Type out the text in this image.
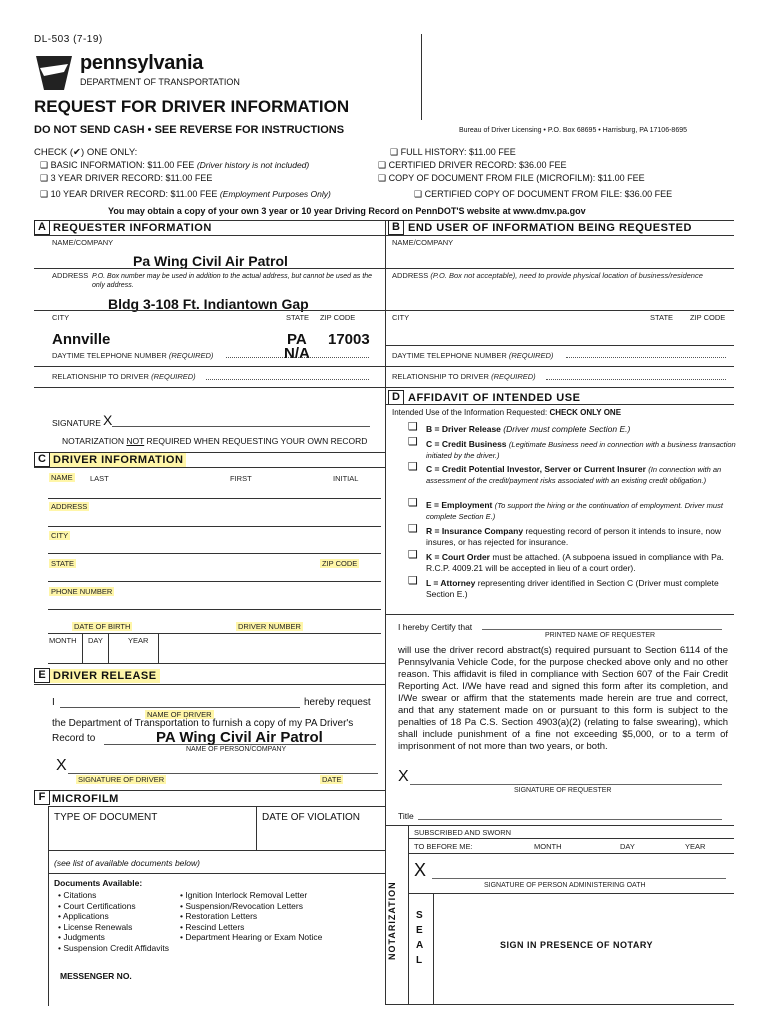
DL-503 (7-19)
pennsylvania
DEPARTMENT OF TRANSPORTATION
REQUEST FOR DRIVER INFORMATION
DO NOT SEND CASH • SEE REVERSE FOR INSTRUCTIONS	Bureau of Driver Licensing • P.O. Box 68695 • Harrisburg, PA 17106-8695
CHECK (✔) ONE ONLY:
❑ BASIC INFORMATION: $11.00 FEE (Driver history is not included)
❑ 3 YEAR DRIVER RECORD: $11.00 FEE
❑ 10 YEAR DRIVER RECORD: $11.00 FEE (Employment Purposes Only)
❑ FULL HISTORY: $11.00 FEE
❑ CERTIFIED DRIVER RECORD: $36.00 FEE
❑ COPY OF DOCUMENT FROM FILE (MICROFILM): $11.00 FEE
❑ CERTIFIED COPY OF DOCUMENT FROM FILE: $36.00 FEE
You may obtain a copy of your own 3 year or 10 year Driving Record on PennDOT'S website at www.dmv.pa.gov
A REQUESTER INFORMATION	B END USER OF INFORMATION BEING REQUESTED
NAME/COMPANY
Pa Wing Civil Air Patrol
ADDRESS P.O. Box number may be used in addition to the actual address, but cannot be used as the only address.
Bldg 3-108 Ft. Indiantown Gap
CITY	STATE ZIP CODE
Annville	PA 17003
DAYTIME TELEPHONE NUMBER (REQUIRED)	N/A
RELATIONSHIP TO DRIVER (REQUIRED)
SIGNATURE X
NOTARIZATION NOT REQUIRED WHEN REQUESTING YOUR OWN RECORD
NAME/COMPANY
ADDRESS (P.O. Box not acceptable), need to provide physical location of business/residence
CITY	STATE ZIP CODE
DAYTIME TELEPHONE NUMBER (REQUIRED)
RELATIONSHIP TO DRIVER (REQUIRED)
D AFFIDAVIT OF INTENDED USE
Intended Use of the Information Requested: CHECK ONLY ONE
❑ B = Driver Release (Driver must complete Section E.)
❑ C = Credit Business (Legitimate Business need in connection with a business transaction initiated by the driver.)
❑ C = Credit Potential Investor, Server or Current Insurer (In connection with an assessment of the credit/payment risks associated with an existing credit obligation.)
❑ E = Employment (To support the hiring or the continuation of employment. Driver must complete Section E.)
❑ R = Insurance Company requesting record of person it intends to insure, now insures, or has rejected for insurance.
❑ K = Court Order must be attached. (A subpoena issued in compliance with Pa. R.C.P. 4009.21 will be accepted in lieu of a court order).
❑ L = Attorney representing driver identified in Section C (Driver must complete Section E.)
I hereby Certify that
PRINTED NAME OF REQUESTER
will use the driver record abstract(s) required pursuant to Section 6114 of the Pennsylvania Vehicle Code, for the purpose checked above only and no other reason. This affidavit is filed in compliance with Section 607 of the Fair Credit Reporting Act. I/We have read and signed this form after its completion, and I/We swear or affirm that the statements made herein are true and correct, and that any statement made on or pursuant to this form is subject to the penalties of 18 Pa C.S. Section 4903(a)(2) (relating to false swearing), which shall include punishment of a fine not exceeding $5,000, or to a term of imprisonment of not more than two years, or both.
X
SIGNATURE OF REQUESTER
Title
C DRIVER INFORMATION
NAME LAST	FIRST	INITIAL
ADDRESS
CITY
STATE	ZIP CODE
PHONE NUMBER
DATE OF BIRTH	DRIVER NUMBER
MONTH DAY	YEAR
E DRIVER RELEASE
I	hereby request
NAME OF DRIVER
the Department of Transportation to furnish a copy of my PA Driver's
Record to	PA Wing Civil Air Patrol
NAME OF PERSON/COMPANY
X
SIGNATURE OF DRIVER	DATE
F MICROFILM
TYPE OF DOCUMENT	DATE OF VIOLATION
(see list of available documents below)
Documents Available:
• Citations
• Court Certifications
• Applications
• License Renewals
• Judgments
• Suspension Credit Affidavits
• Ignition Interlock Removal Letter
• Suspension/Revocation Letters
• Restoration Letters
• Rescind Letters
• Department Hearing or Exam Notice
MESSENGER NO.
NOTARIZATION
SUBSCRIBED AND SWORN
TO BEFORE ME:	MONTH	DAY	YEAR
X
SIGNATURE OF PERSON ADMINISTERING OATH
S
E
A
L
SIGN IN PRESENCE OF NOTARY
